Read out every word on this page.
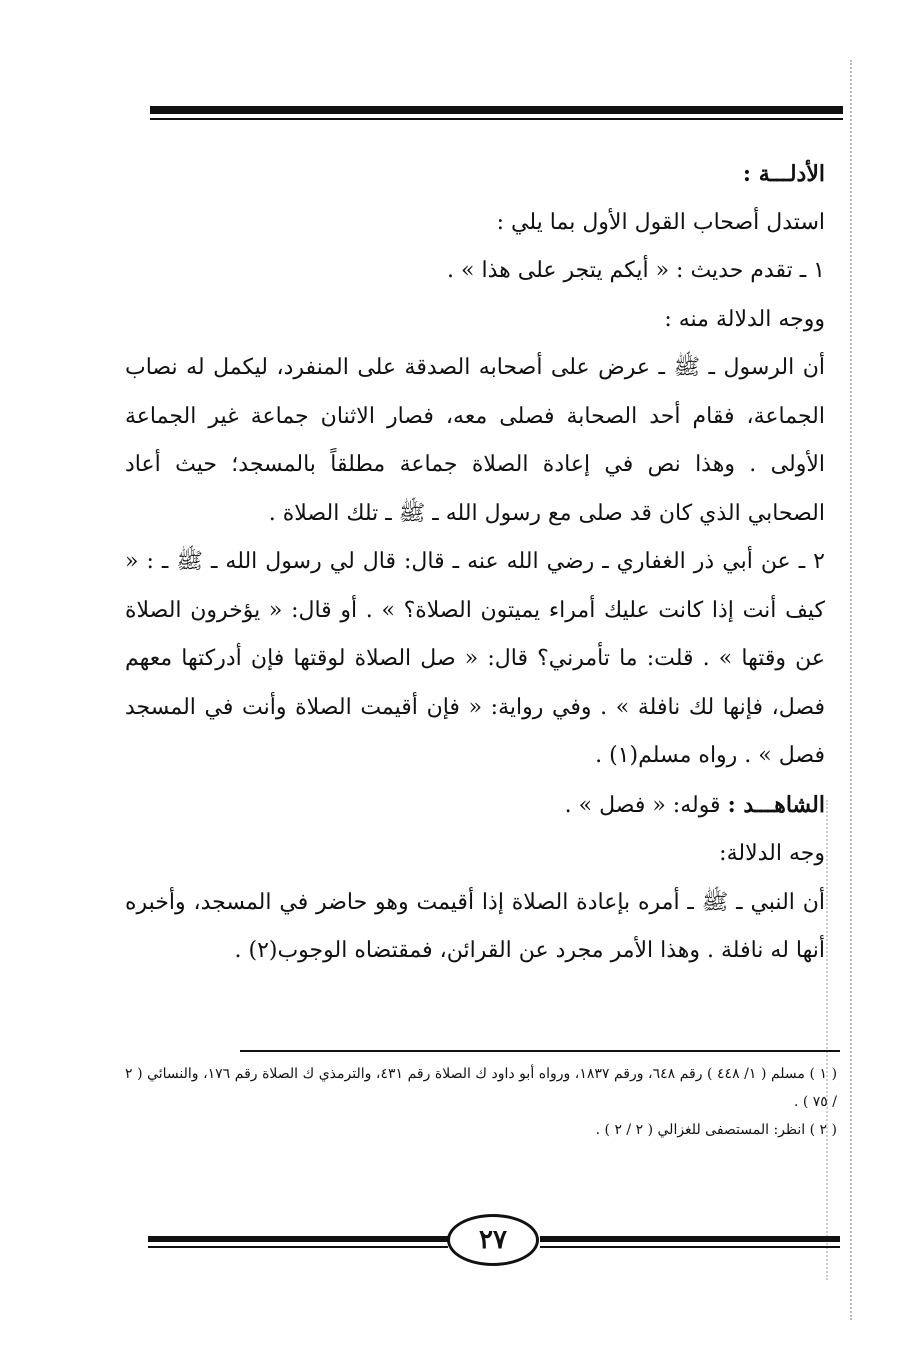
الأدلـــة :

استدل أصحاب القول الأول بما يلي :

١ ـ تقدم حديث : « أيكم يتجر على هذا » .

ووجه الدلالة منه :

أن الرسول ـ ﷺ ـ عرض على أصحابه الصدقة على المنفرد، ليكمل له نصاب الجماعة، فقام أحد الصحابة فصلى معه، فصار الاثنان جماعة غير الجماعة الأولى . وهذا نص في إعادة الصلاة جماعة مطلقاً بالمسجد؛ حيث أعاد الصحابي الذي كان قد صلى مع رسول الله ـ ﷺ ـ تلك الصلاة .

٢ ـ عن أبي ذر الغفاري ـ رضي الله عنه ـ قال: قال لي رسول الله ـ ﷺ ـ : « كيف أنت إذا كانت عليك أمراء يميتون الصلاة؟ » . أو قال: « يؤخرون الصلاة عن وقتها » . قلت: ما تأمرني؟ قال: « صل الصلاة لوقتها فإن أدركتها معهم فصل، فإنها لك نافلة » . وفي رواية: « فإن أقيمت الصلاة وأنت في المسجد فصل » . رواه مسلم(١) .

الشاهـــد : قوله: « فصل » .

وجه الدلالة:

أن النبي ـ ﷺ ـ أمره بإعادة الصلاة إذا أقيمت وهو حاضر في المسجد، وأخبره أنها له نافلة . وهذا الأمر مجرد عن القرائن، فمقتضاه الوجوب(٢) .

( ١ ) مسلم ( ١/ ٤٤٨ ) رقم ٦٤٨، ورقم ١٨٣٧، ورواه أبو داود ك الصلاة رقم ٤٣١، والترمذي ك الصلاة رقم ١٧٦، والنسائي ( ٢ / ٧٥ ) .

( ٢ ) انظر: المستصفى للغزالي ( ٢ / ٢ ) .

٢٧
